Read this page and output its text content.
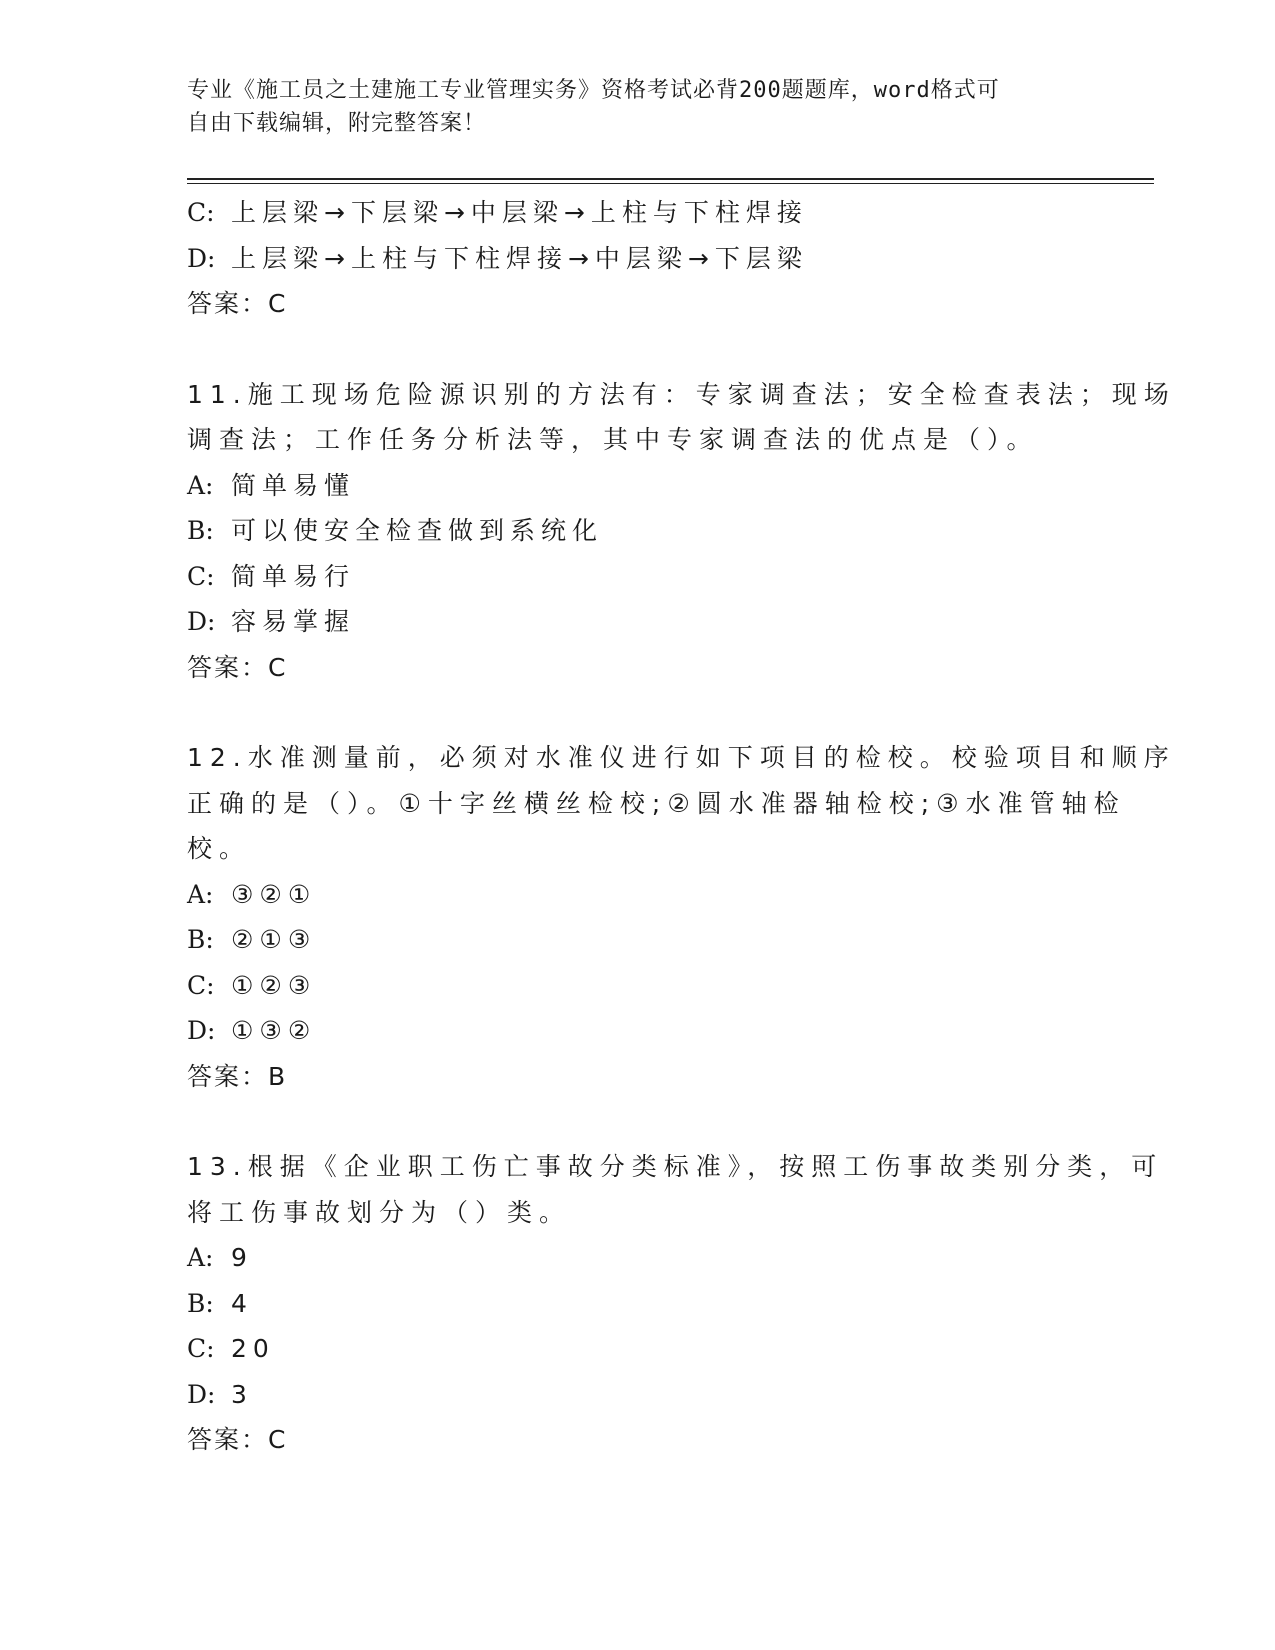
专业《施工员之土建施工专业管理实务》资格考试必背200题题库，word格式可
自由下载编辑，附完整答案！
C: 上层梁→下层梁→中层梁→上柱与下柱焊接
D: 上层梁→上柱与下柱焊接→中层梁→下层梁
答案：C
11.施工现场危险源识别的方法有：专家调查法；安全检查表法；现场
调查法；工作任务分析法等，其中专家调查法的优点是（）。
A: 简单易懂
B: 可以使安全检查做到系统化
C: 简单易行
D: 容易掌握
答案：C
12.水准测量前，必须对水准仪进行如下项目的检校。校验项目和顺序
正确的是（）。①十字丝横丝检校;②圆水准器轴检校;③水准管轴检
校。
A: ③②①
B: ②①③
C: ①②③
D: ①③②
答案：B
13.根据《企业职工伤亡事故分类标准》，按照工伤事故类别分类，可
将工伤事故划分为（）类。
A: 9
B: 4
C: 20
D: 3
答案：C
